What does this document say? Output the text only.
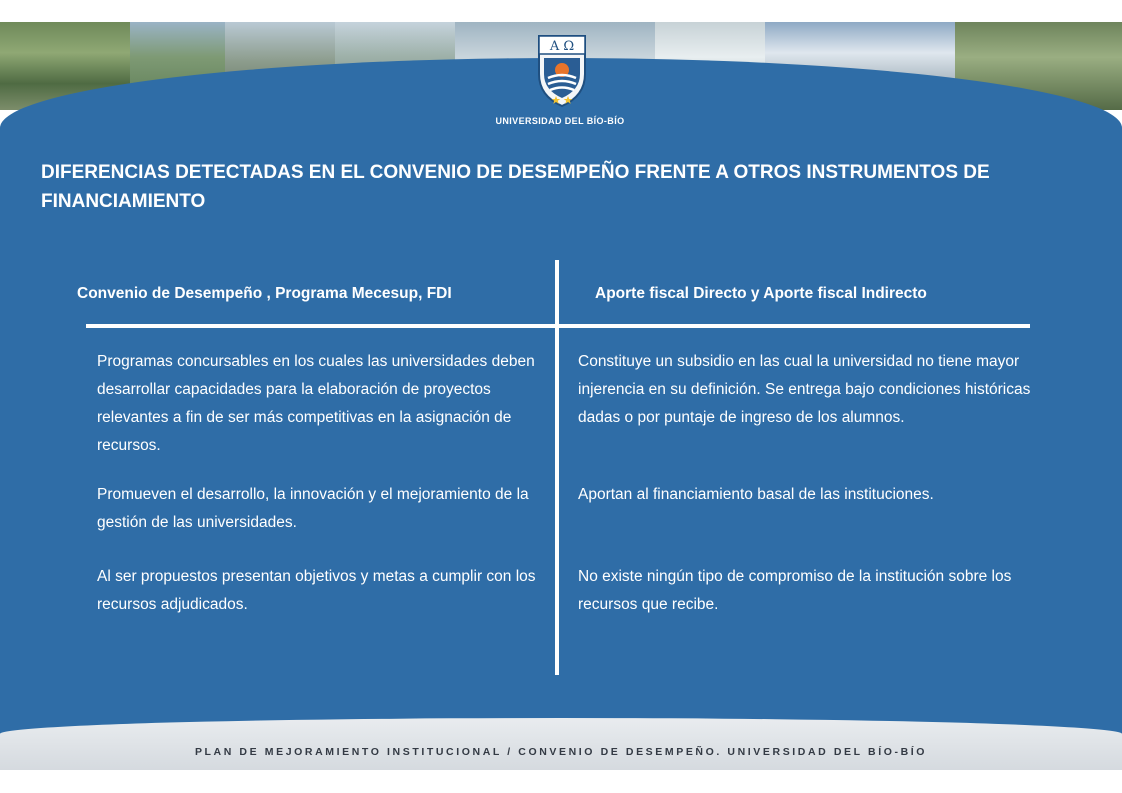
A Ω
UNIVERSIDAD DEL BÍO-BÍO
DIFERENCIAS DETECTADAS EN EL CONVENIO DE DESEMPEÑO FRENTE A OTROS INSTRUMENTOS DE FINANCIAMIENTO
Convenio de Desempeño , Programa Mecesup, FDI	Aporte fiscal Directo y Aporte fiscal Indirecto

Programas concursables en los cuales las universidades deben desarrollar capacidades para la elaboración de proyectos relevantes a fin de ser más competitivas en la asignación de recursos.

Promueven el desarrollo, la innovación y el mejoramiento de la gestión de las universidades.

Al ser propuestos presentan objetivos y metas a cumplir con los recursos adjudicados.

Constituye un subsidio en las cual la universidad no tiene mayor injerencia en su definición. Se entrega bajo condiciones históricas dadas o por puntaje de ingreso de los alumnos.

Aportan al financiamiento basal de las instituciones.

No existe ningún tipo de compromiso de la institución sobre los recursos que recibe.

PLAN DE MEJORAMIENTO INSTITUCIONAL / CONVENIO DE DESEMPEÑO. UNIVERSIDAD DEL BÍO-BÍO
